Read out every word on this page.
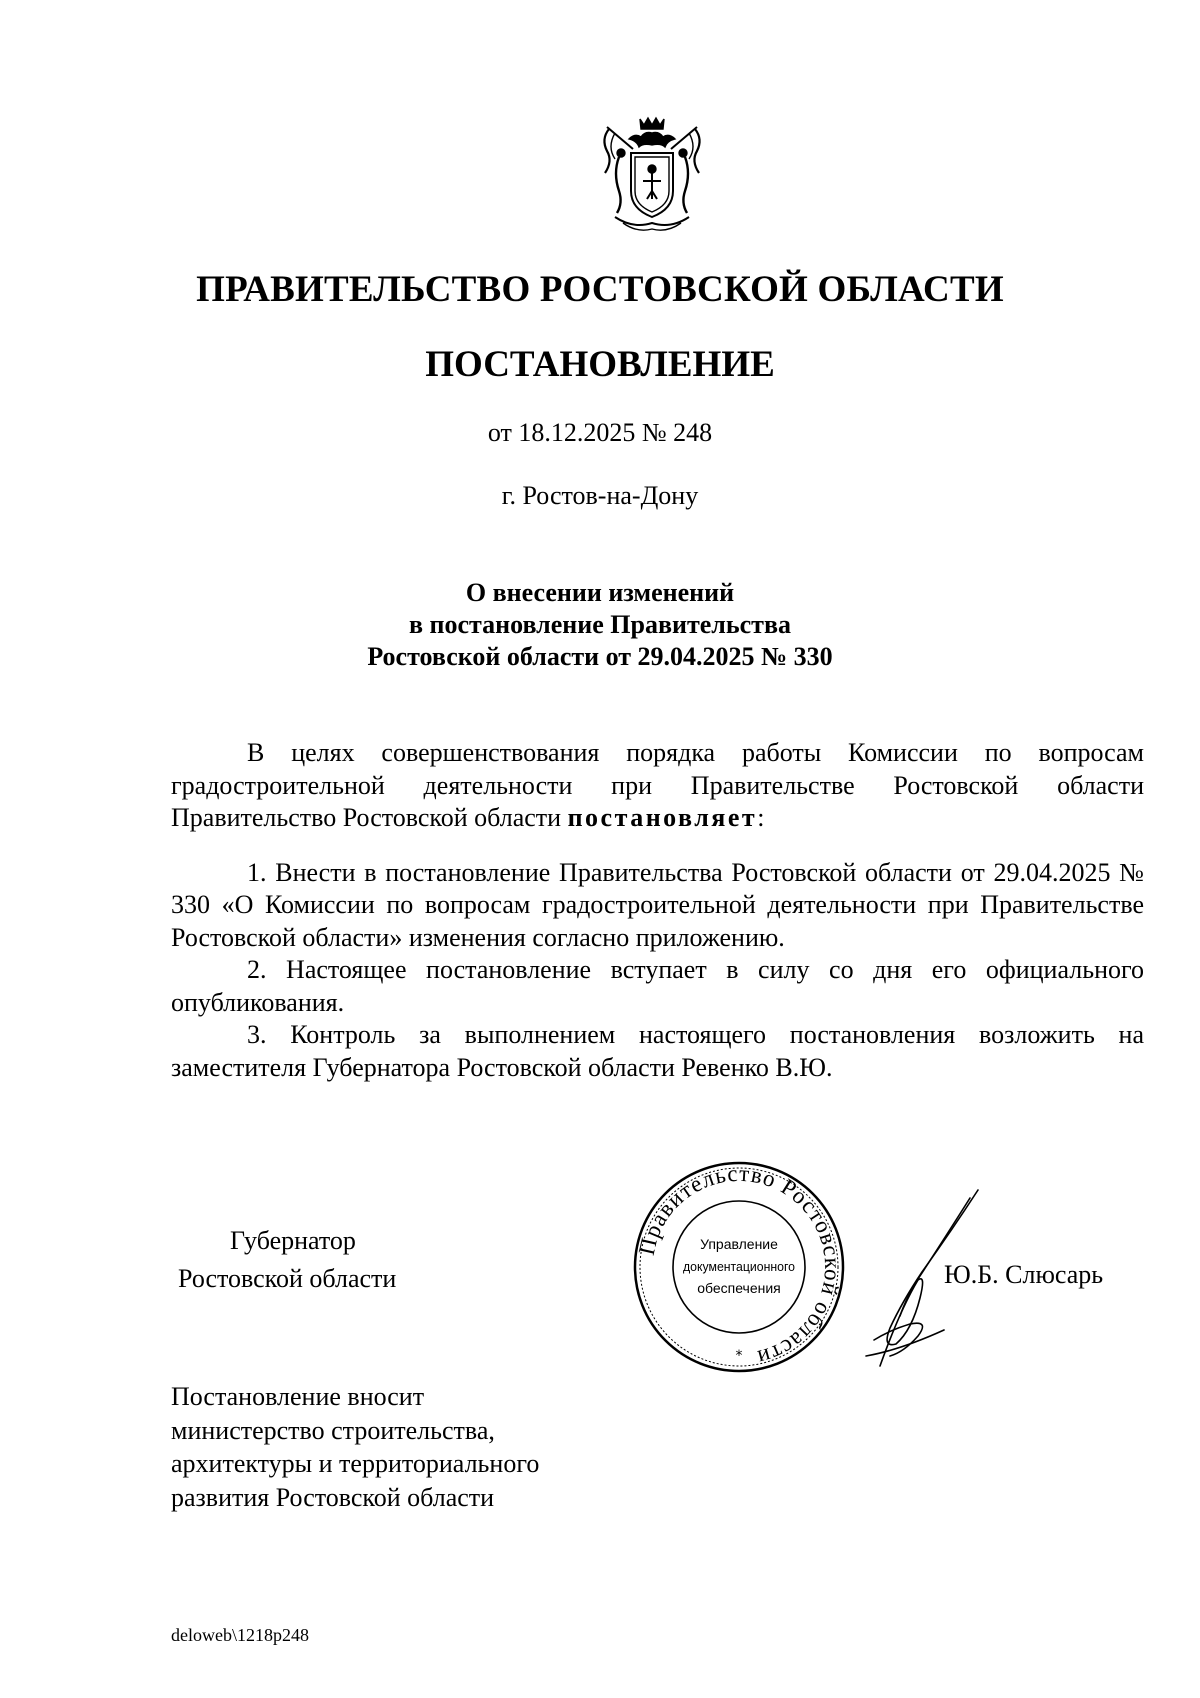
ПРАВИТЕЛЬСТВО РОСТОВСКОЙ ОБЛАСТИ
ПОСТАНОВЛЕНИЕ
от 18.12.2025 № 248
г. Ростов-на-Дону
О внесении изменений
в постановление Правительства
Ростовской области от 29.04.2025 № 330

В целях совершенствования порядка работы Комиссии по вопросам градостроительной деятельности при Правительстве Ростовской области Правительство Ростовской области постановляет:

1. Внести в постановление Правительства Ростовской области от 29.04.2025 № 330 «О Комиссии по вопросам градостроительной деятельности при Правительстве Ростовской области» изменения согласно приложению.

2. Настоящее постановление вступает в силу со дня его официального опубликования.

3. Контроль за выполнением настоящего постановления возложить на заместителя Губернатора Ростовской области Ревенко В.Ю.

Губернатор
Ростовской области
Правительство Ростовской области
Управление
документационного
обеспечения
*
Ю.Б. Слюсарь
Постановление вносит
министерство строительства,
архитектуры и территориального
развития Ростовской области
deloweb\1218p248
